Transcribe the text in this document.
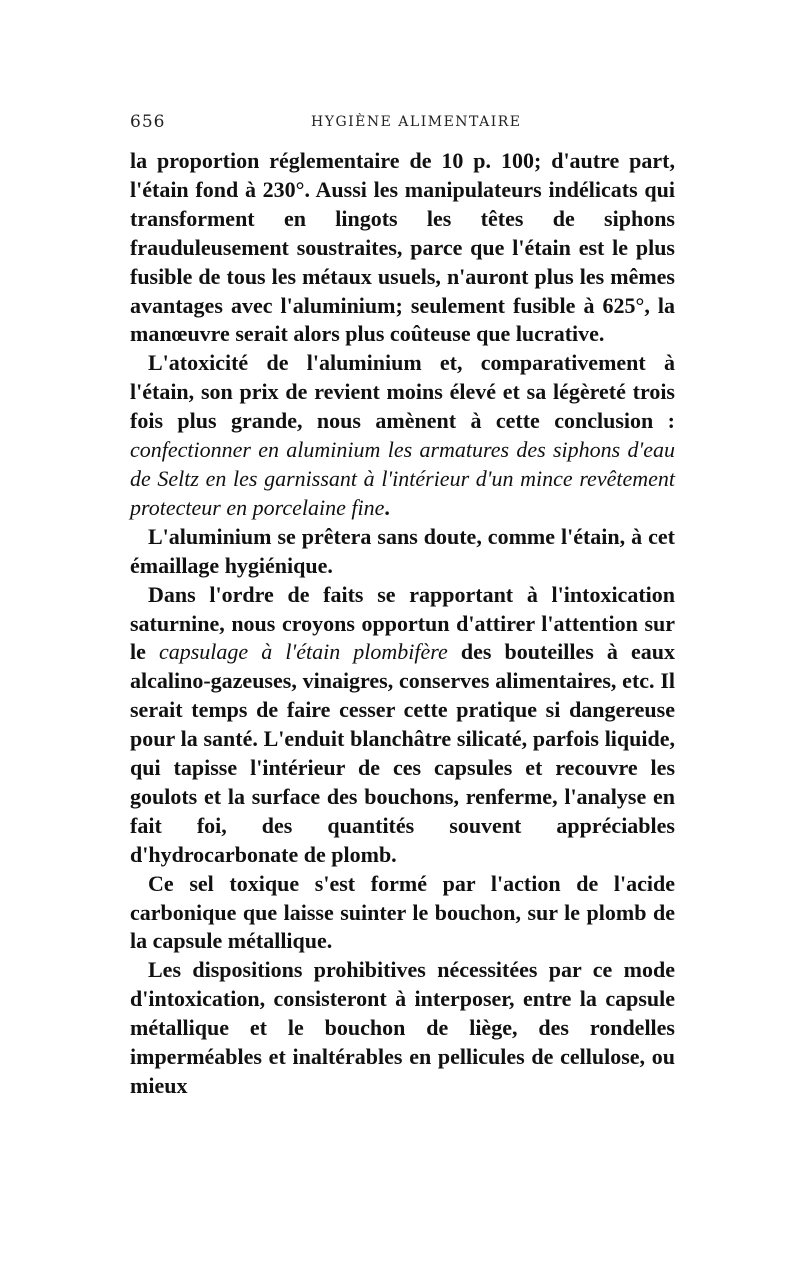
656	HYGIÈNE ALIMENTAIRE

la proportion réglementaire de 10 p. 100; d'autre part, l'étain fond à 230°. Aussi les manipulateurs indélicats qui transforment en lingots les têtes de siphons frauduleusement soustraites, parce que l'étain est le plus fusible de tous les métaux usuels, n'auront plus les mêmes avantages avec l'aluminium; seulement fusible à 625°, la manœuvre serait alors plus coûteuse que lucrative.

L'atoxicité de l'aluminium et, comparativement à l'étain, son prix de revient moins élevé et sa légèreté trois fois plus grande, nous amènent à cette conclusion : confectionner en aluminium les armatures des siphons d'eau de Seltz en les garnissant à l'intérieur d'un mince revêtement protecteur en porcelaine fine.

L'aluminium se prêtera sans doute, comme l'étain, à cet émaillage hygiénique.

Dans l'ordre de faits se rapportant à l'intoxication saturnine, nous croyons opportun d'attirer l'attention sur le capsulage à l'étain plombifère des bouteilles à eaux alcalino-gazeuses, vinaigres, conserves alimentaires, etc. Il serait temps de faire cesser cette pratique si dangereuse pour la santé. L'enduit blanchâtre silicaté, parfois liquide, qui tapisse l'intérieur de ces capsules et recouvre les goulots et la surface des bouchons, renferme, l'analyse en fait foi, des quantités souvent appréciables d'hydrocarbonate de plomb.

Ce sel toxique s'est formé par l'action de l'acide carbonique que laisse suinter le bouchon, sur le plomb de la capsule métallique.

Les dispositions prohibitives nécessitées par ce mode d'intoxication, consisteront à interposer, entre la capsule métallique et le bouchon de liège, des rondelles imperméables et inaltérables en pellicules de cellulose, ou mieux
